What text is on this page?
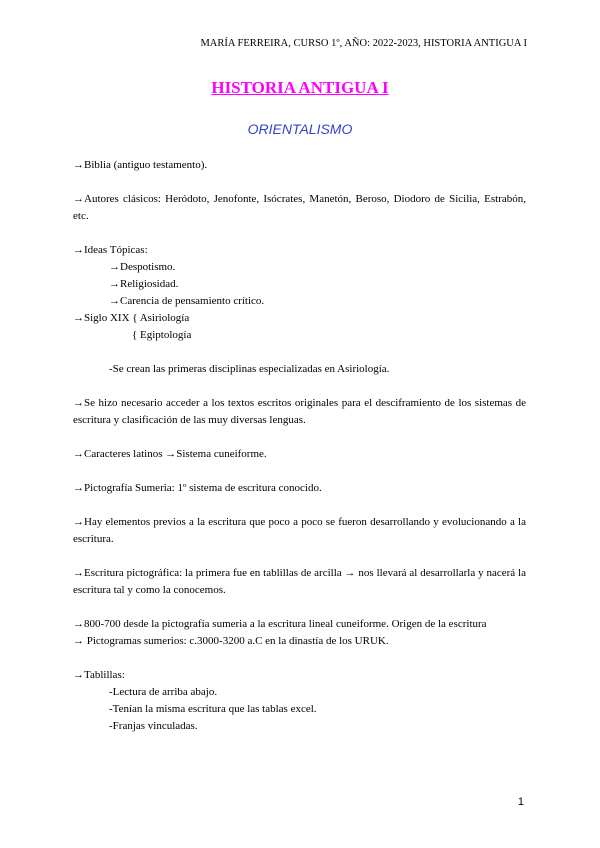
MARÍA FERREIRA, CURSO 1º, AÑO: 2022-2023, HISTORIA ANTIGUA I
HISTORIA ANTIGUA I
ORIENTALISMO

→Biblia (antiguo testamento).

→Autores clásicos: Heródoto, Jenofonte, Isócrates, Manetón, Beroso, Diodoro de Sicilia, Estrabón, etc.

→Ideas Tópicas:

→Despotismo.

→Religiosidad.

→Carencia de pensamiento crítico.

→Siglo XIX { Asiriología

{ Egiptología

-Se crean las primeras disciplinas especializadas en Asiriología.

→Se hizo necesario acceder a los textos escritos originales para el desciframiento de los sistemas de escritura y clasificación de las muy diversas lenguas.

→Caracteres latinos →Sistema cuneiforme.

→Pictografía Sumeria: 1º sistema de escritura conocido.

→Hay elementos previos a la escritura que poco a poco se fueron desarrollando y evolucionando a la escritura.

→Escritura pictográfica: la primera fue en tablillas de arcilla → nos llevará al desarrollarla y nacerá la escritura tal y como la conocemos.

→800-700 desde la pictografía sumeria a la escritura lineal cuneiforme. Origen de la escritura

→ Pictogramas sumerios: c.3000-3200 a.C en la dinastía de los URUK.

→Tablillas:

-Lectura de arriba abajo.

-Tenían la misma escritura que las tablas excel.

-Franjas vinculadas.

1
